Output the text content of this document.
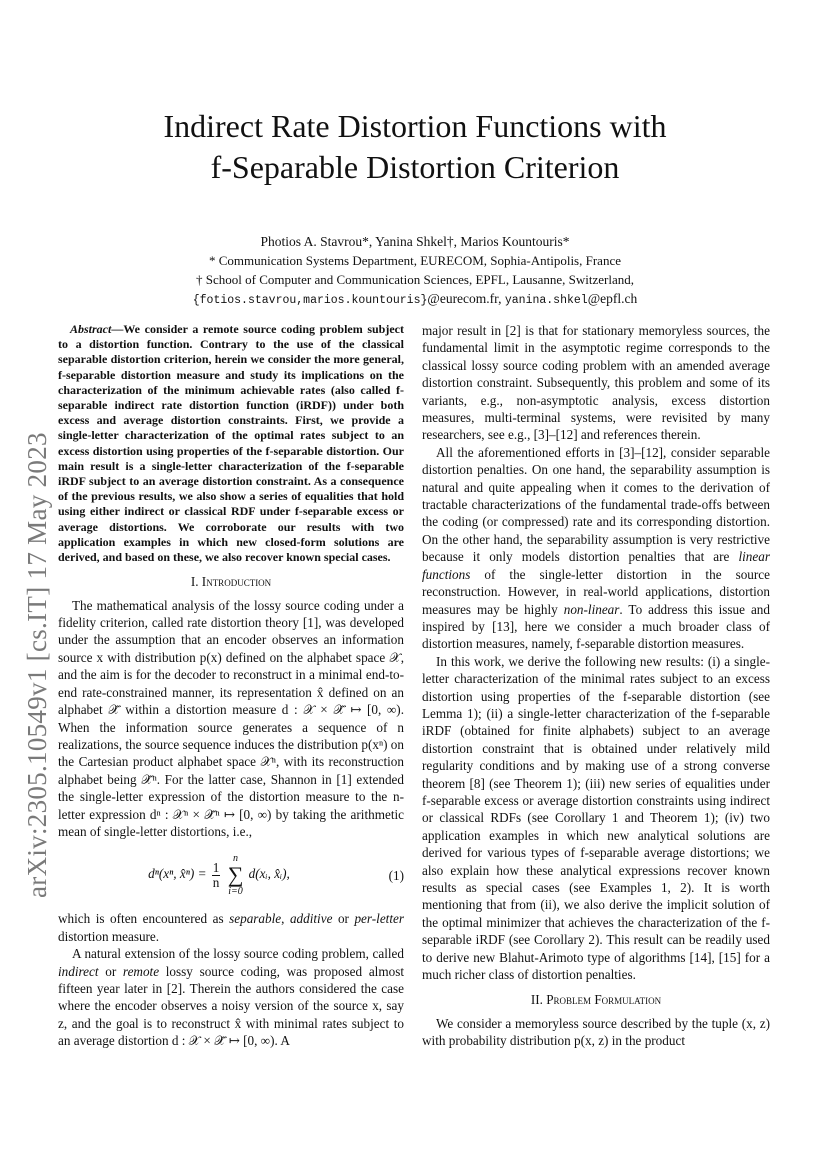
arXiv:2305.10549v1 [cs.IT] 17 May 2023
Indirect Rate Distortion Functions with
f-Separable Distortion Criterion
Photios A. Stavrou*, Yanina Shkel†, Marios Kountouris*
* Communication Systems Department, EURECOM, Sophia-Antipolis, France
† School of Computer and Communication Sciences, EPFL, Lausanne, Switzerland,
{fotios.stavrou,marios.kountouris}@eurecom.fr, yanina.shkel@epfl.ch

Abstract—We consider a remote source coding problem subject to a distortion function. Contrary to the use of the classical separable distortion criterion, herein we consider the more general, f-separable distortion measure and study its implications on the characterization of the minimum achievable rates (also called f-separable indirect rate distortion function (iRDF)) under both excess and average distortion constraints. First, we provide a single-letter characterization of the optimal rates subject to an excess distortion using properties of the f-separable distortion. Our main result is a single-letter characterization of the f-separable iRDF subject to an average distortion constraint. As a consequence of the previous results, we also show a series of equalities that hold using either indirect or classical RDF under f-separable excess or average distortions. We corroborate our results with two application examples in which new closed-form solutions are derived, and based on these, we also recover known special cases.

I. Introduction

The mathematical analysis of the lossy source coding under a fidelity criterion, called rate distortion theory [1], was developed under the assumption that an encoder observes an information source x with distribution p(x) defined on the alphabet space 𝒳, and the aim is for the decoder to reconstruct in a minimal end-to-end rate-constrained manner, its representation x̂ defined on an alphabet 𝒳̂ within a distortion measure d : 𝒳 × 𝒳̂ ↦ [0, ∞). When the information source generates a sequence of n realizations, the source sequence induces the distribution p(xⁿ) on the Cartesian product alphabet space 𝒳ⁿ, with its reconstruction alphabet being 𝒳̂ⁿ. For the latter case, Shannon in [1] extended the single-letter expression of the distortion measure to the n-letter expression dⁿ : 𝒳ⁿ × 𝒳̂ⁿ ↦ [0, ∞) by taking the arithmetic mean of single-letter distortions, i.e.,

dⁿ(xⁿ, x̂ⁿ) = $\frac{1}{n}$

n
∑
i=0
d(xᵢ, x̂ᵢ),	(1)

which is often encountered as separable, additive or per-letter distortion measure.

A natural extension of the lossy source coding problem, called indirect or remote lossy source coding, was proposed almost fifteen year later in [2]. Therein the authors considered the case where the encoder observes a noisy version of the source x, say z, and the goal is to reconstruct x̂ with minimal rates subject to an average distortion d : 𝒳 × 𝒳̂ ↦ [0, ∞). A

major result in [2] is that for stationary memoryless sources, the fundamental limit in the asymptotic regime corresponds to the classical lossy source coding problem with an amended average distortion constraint. Subsequently, this problem and some of its variants, e.g., non-asymptotic analysis, excess distortion measures, multi-terminal systems, were revisited by many researchers, see e.g., [3]–[12] and references therein.

All the aforementioned efforts in [3]–[12], consider separable distortion penalties. On one hand, the separability assumption is natural and quite appealing when it comes to the derivation of tractable characterizations of the fundamental trade-offs between the coding (or compressed) rate and its corresponding distortion. On the other hand, the separability assumption is very restrictive because it only models distortion penalties that are linear functions of the single-letter distortion in the source reconstruction. However, in real-world applications, distortion measures may be highly non-linear. To address this issue and inspired by [13], here we consider a much broader class of distortion measures, namely, f-separable distortion measures.

In this work, we derive the following new results: (i) a single-letter characterization of the minimal rates subject to an excess distortion using properties of the f-separable distortion (see Lemma 1); (ii) a single-letter characterization of the f-separable iRDF (obtained for finite alphabets) subject to an average distortion constraint that is obtained under relatively mild regularity conditions and by making use of a strong converse theorem [8] (see Theorem 1); (iii) new series of equalities under f-separable excess or average distortion constraints using indirect or classical RDFs (see Corollary 1 and Theorem 1); (iv) two application examples in which new analytical solutions are derived for various types of f-separable average distortions; we also explain how these analytical expressions recover known results as special cases (see Examples 1, 2). It is worth mentioning that from (ii), we also derive the implicit solution of the optimal minimizer that achieves the characterization of the f-separable iRDF (see Corollary 2). This result can be readily used to derive new Blahut-Arimoto type of algorithms [14], [15] for a much richer class of distortion penalties.

II. Problem Formulation

We consider a memoryless source described by the tuple (x, z) with probability distribution p(x, z) in the product
